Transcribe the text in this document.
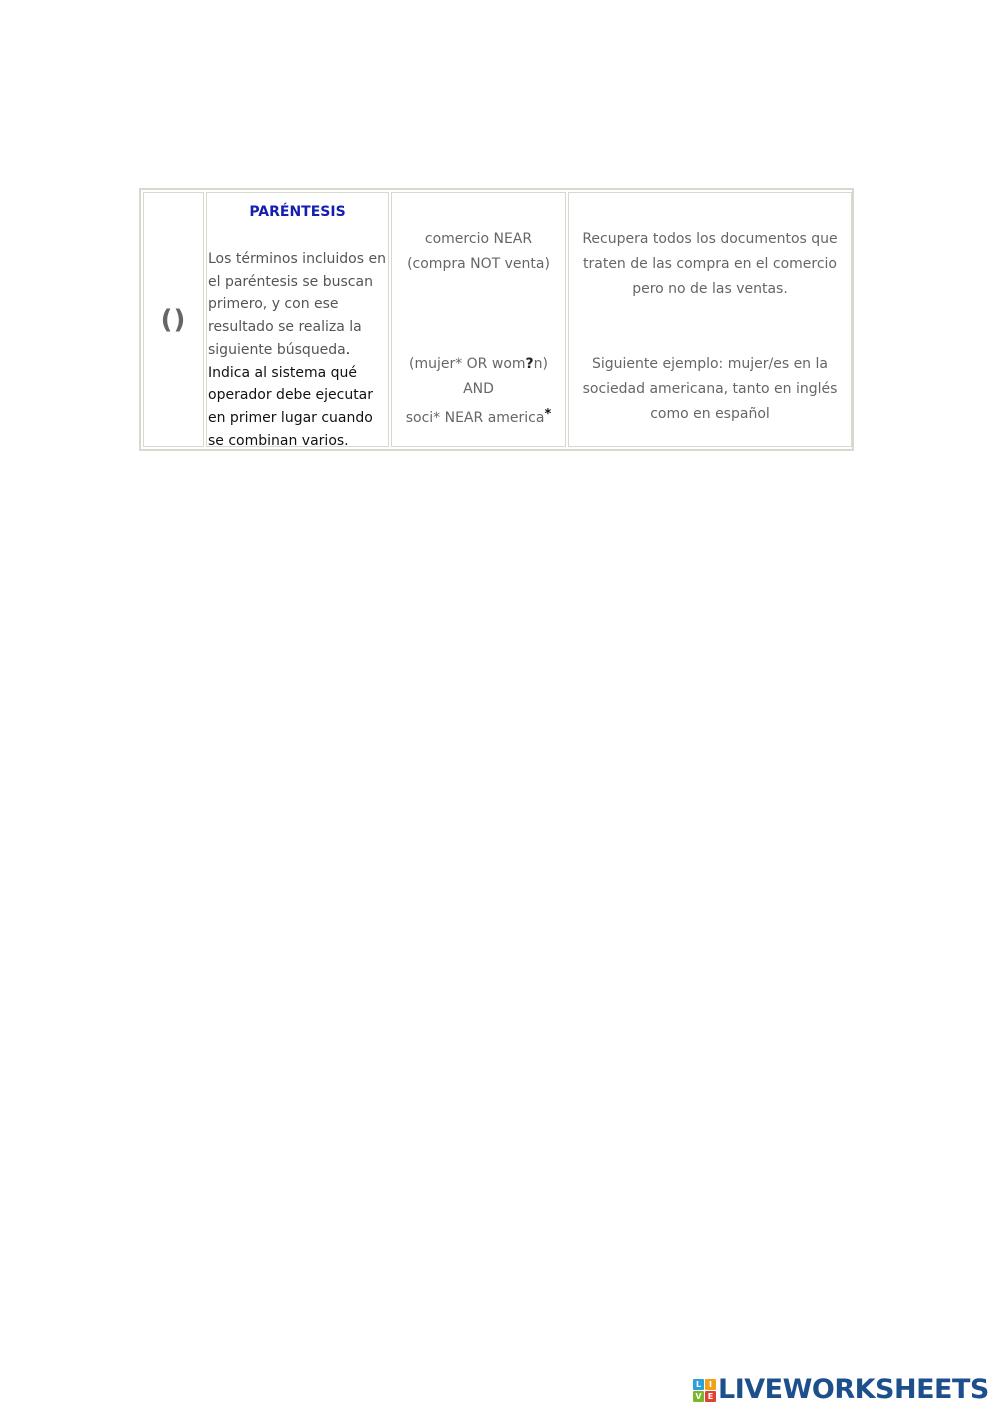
()
PARÉNTESIS
Los términos incluidos en el paréntesis se buscan primero, y con ese resultado se realiza la siguiente búsqueda. Indica al sistema qué operador debe ejecutar en primer lugar cuando se combinan varios.
comercio NEAR
(compra NOT venta)
(mujer* OR wom?n)
AND
soci* NEAR america*
Recupera todos los documentos que traten de las compra en el comercio pero no de las ventas.
Siguiente ejemplo: mujer/es en la sociedad americana, tanto en inglés como en español
L I
V E LIVEWORKSHEETS
